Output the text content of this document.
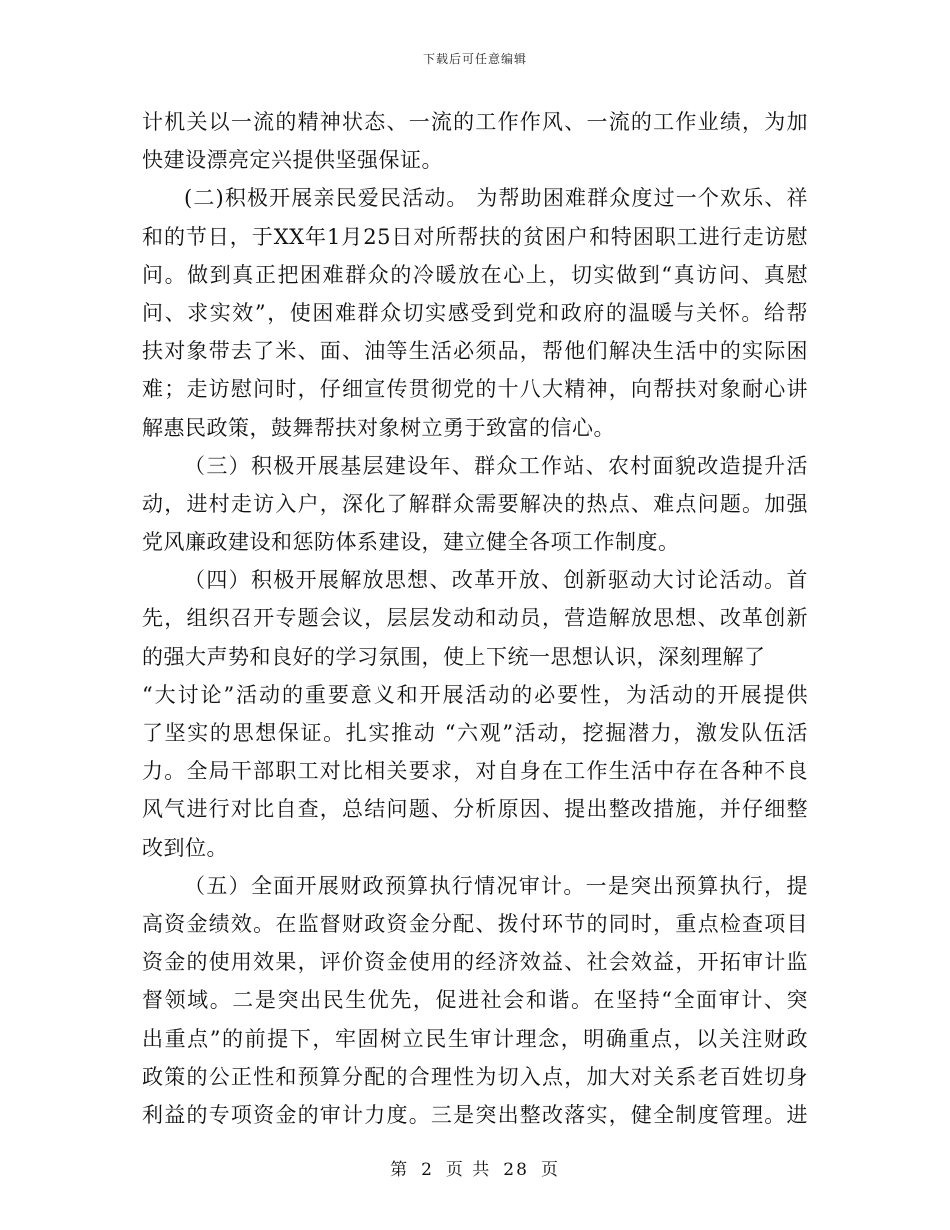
下载后可任意编辑
计机关以一流的精神状态、一流的工作作风、一流的工作业绩，为加
快建设漂亮定兴提供坚强保证。
(二)积极开展亲民爱民活动。 为帮助困难群众度过一个欢乐、祥
和的节日，于XX年1月25日对所帮扶的贫困户和特困职工进行走访慰
问。做到真正把困难群众的冷暖放在心上，切实做到“真访问、真慰
问、求实效”，使困难群众切实感受到党和政府的温暖与关怀。给帮
扶对象带去了米、面、油等生活必须品，帮他们解决生活中的实际困
难；走访慰问时，仔细宣传贯彻党的十八大精神，向帮扶对象耐心讲
解惠民政策，鼓舞帮扶对象树立勇于致富的信心。
（三）积极开展基层建设年、群众工作站、农村面貌改造提升活
动，进村走访入户，深化了解群众需要解决的热点、难点问题。加强
党风廉政建设和惩防体系建设，建立健全各项工作制度。
（四）积极开展解放思想、改革开放、创新驱动大讨论活动。首
先，组织召开专题会议，层层发动和动员，营造解放思想、改革创新
的强大声势和良好的学习氛围，使上下统一思想认识，深刻理解了
“大讨论”活动的重要意义和开展活动的必要性，为活动的开展提供
了坚实的思想保证。扎实推动 “六观”活动，挖掘潜力，激发队伍活
力。全局干部职工对比相关要求，对自身在工作生活中存在各种不良
风气进行对比自查，总结问题、分析原因、提出整改措施，并仔细整
改到位。
（五）全面开展财政预算执行情况审计。一是突出预算执行，提
高资金绩效。在监督财政资金分配、拨付环节的同时，重点检查项目
资金的使用效果，评价资金使用的经济效益、社会效益，开拓审计监
督领域。二是突出民生优先，促进社会和谐。在坚持“全面审计、突
出重点”的前提下，牢固树立民生审计理念，明确重点，以关注财政
政策的公正性和预算分配的合理性为切入点，加大对关系老百姓切身
利益的专项资金的审计力度。三是突出整改落实，健全制度管理。进
第 2 页 共 28 页
